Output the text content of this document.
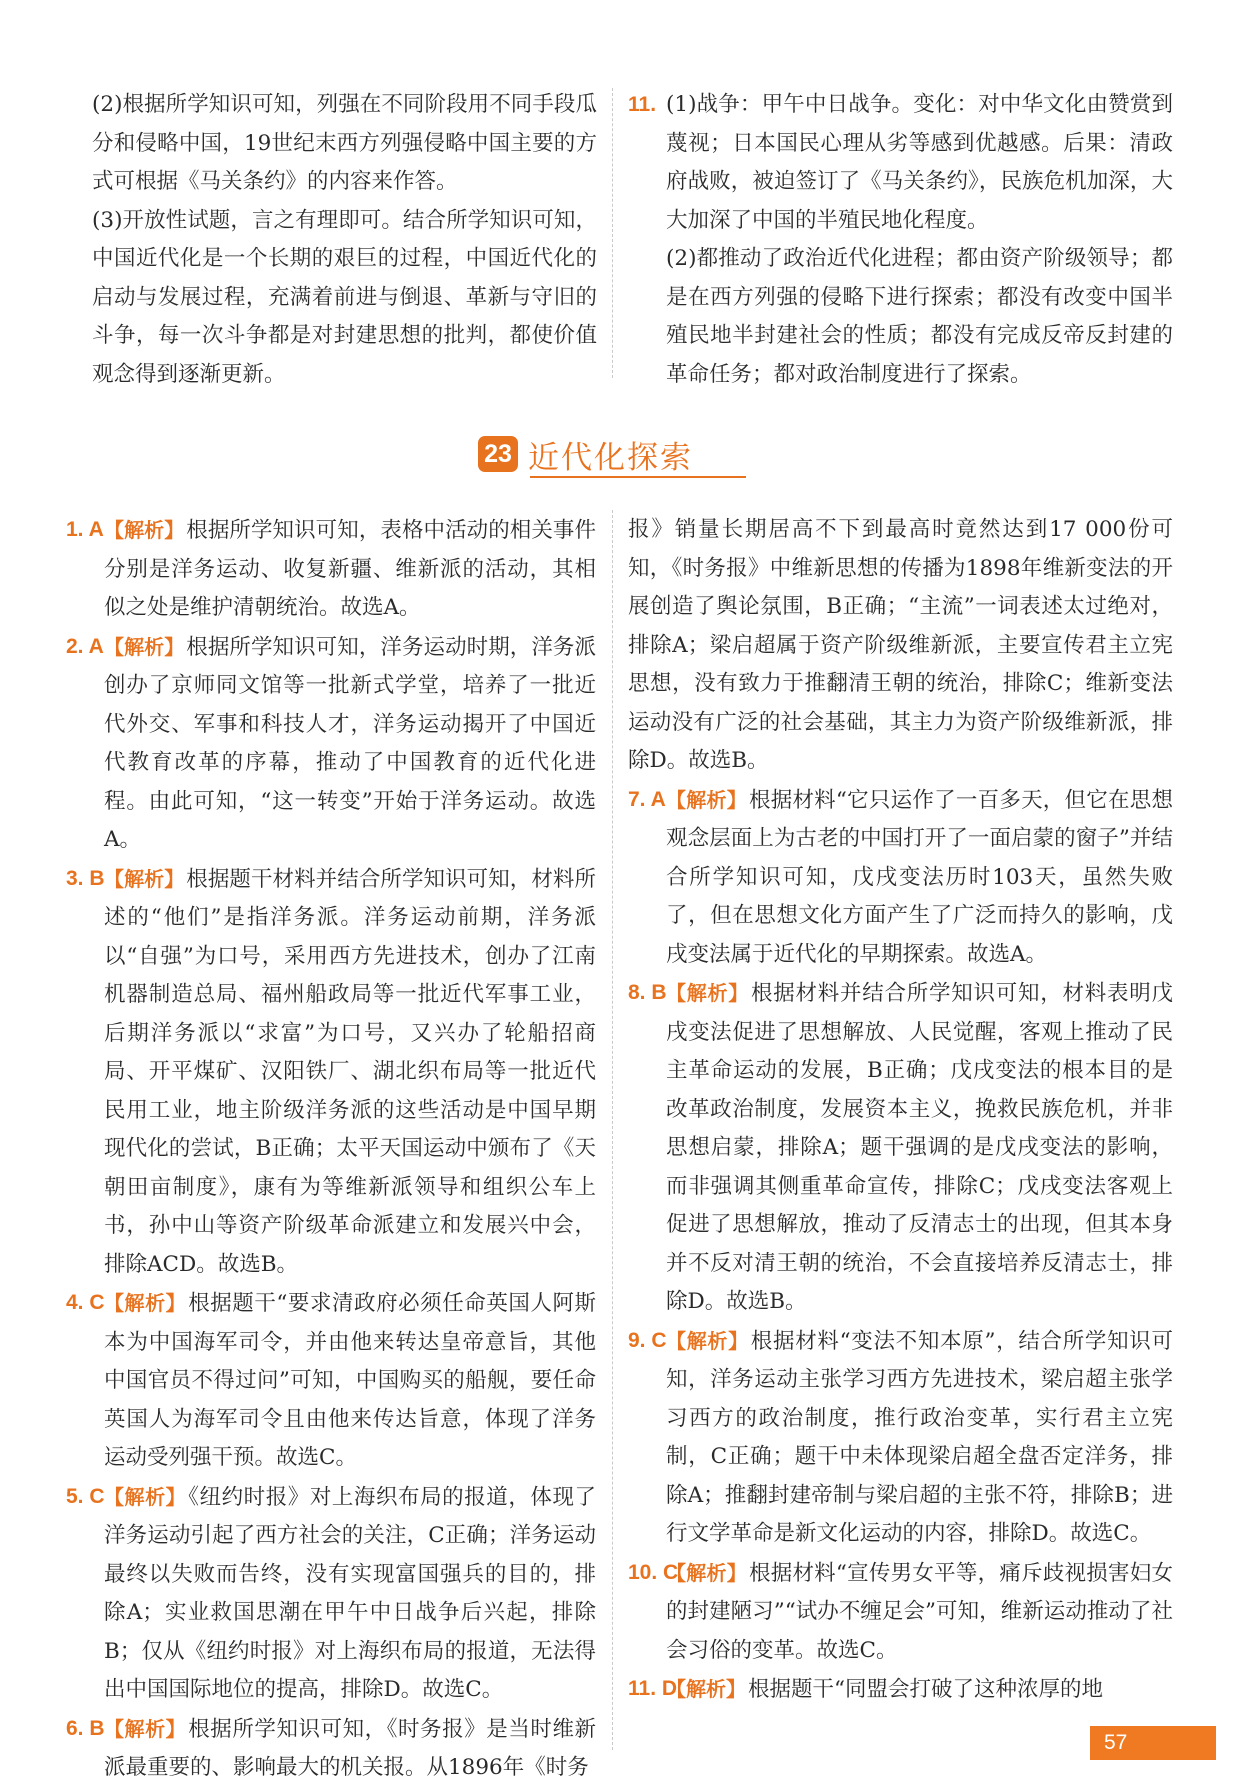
(2)根据所学知识可知，列强在不同阶段用不同手段瓜分和侵略中国，19世纪末西方列强侵略中国主要的方式可根据《马关条约》的内容来作答。

(3)开放性试题，言之有理即可。结合所学知识可知，中国近代化是一个长期的艰巨的过程，中国近代化的启动与发展过程，充满着前进与倒退、革新与守旧的斗争，每一次斗争都是对封建思想的批判，都使价值观念得到逐渐更新。

11. (1)战争：甲午中日战争。变化：对中华文化由赞赏到蔑视；日本国民心理从劣等感到优越感。后果：清政府战败，被迫签订了《马关条约》，民族危机加深，大大加深了中国的半殖民地化程度。

(2)都推动了政治近代化进程；都由资产阶级领导；都是在西方列强的侵略下进行探索；都没有改变中国半殖民地半封建社会的性质；都没有完成反帝反封建的革命任务；都对政治制度进行了探索。

23 近代化探索
1. A 【解析】根据所学知识可知，表格中活动的相关事件分别是洋务运动、收复新疆、维新派的活动，其相似之处是维护清朝统治。故选A。
2. A 【解析】根据所学知识可知，洋务运动时期，洋务派创办了京师同文馆等一批新式学堂，培养了一批近代外交、军事和科技人才，洋务运动揭开了中国近代教育改革的序幕，推动了中国教育的近代化进程。由此可知，“这一转变”开始于洋务运动。故选A。
3. B 【解析】根据题干材料并结合所学知识可知，材料所述的“他们”是指洋务派。洋务运动前期，洋务派以“自强”为口号，采用西方先进技术，创办了江南机器制造总局、福州船政局等一批近代军事工业，后期洋务派以“求富”为口号，又兴办了轮船招商局、开平煤矿、汉阳铁厂、湖北织布局等一批近代民用工业，地主阶级洋务派的这些活动是中国早期现代化的尝试，B正确；太平天国运动中颁布了《天朝田亩制度》，康有为等维新派领导和组织公车上书，孙中山等资产阶级革命派建立和发展兴中会，排除ACD。故选B。
4. C 【解析】根据题干“要求清政府必须任命英国人阿斯本为中国海军司令，并由他来转达皇帝意旨，其他中国官员不得过问”可知，中国购买的船舰，要任命英国人为海军司令且由他来传达旨意，体现了洋务运动受列强干预。故选C。
5. C 【解析】《纽约时报》对上海织布局的报道，体现了洋务运动引起了西方社会的关注，C正确；洋务运动最终以失败而告终，没有实现富国强兵的目的，排除A；实业救国思潮在甲午中日战争后兴起，排除B；仅从《纽约时报》对上海织布局的报道，无法得出中国国际地位的提高，排除D。故选C。
6. B 【解析】根据所学知识可知，《时务报》是当时维新派最重要的、影响最大的机关报。从1896年《时务
报》销量长期居高不下到最高时竟然达到17 000份可知，《时务报》中维新思想的传播为1898年维新变法的开展创造了舆论氛围，B正确；“主流”一词表述太过绝对，排除A；梁启超属于资产阶级维新派，主要宣传君主立宪思想，没有致力于推翻清王朝的统治，排除C；维新变法运动没有广泛的社会基础，其主力为资产阶级维新派，排除D。故选B。
7. A 【解析】根据材料“它只运作了一百多天，但它在思想观念层面上为古老的中国打开了一面启蒙的窗子”并结合所学知识可知，戊戌变法历时103天，虽然失败了，但在思想文化方面产生了广泛而持久的影响，戊戌变法属于近代化的早期探索。故选A。
8. B 【解析】根据材料并结合所学知识可知，材料表明戊戌变法促进了思想解放、人民觉醒，客观上推动了民主革命运动的发展，B正确；戊戌变法的根本目的是改革政治制度，发展资本主义，挽救民族危机，并非思想启蒙，排除A；题干强调的是戊戌变法的影响，而非强调其侧重革命宣传，排除C；戊戌变法客观上促进了思想解放，推动了反清志士的出现，但其本身并不反对清王朝的统治，不会直接培养反清志士，排除D。故选B。
9. C 【解析】根据材料“变法不知本原”，结合所学知识可知，洋务运动主张学习西方先进技术，梁启超主张学习西方的政治制度，推行政治变革，实行君主立宪制，C正确；题干中未体现梁启超全盘否定洋务，排除A；推翻封建帝制与梁启超的主张不符，排除B；进行文学革命是新文化运动的内容，排除D。故选C。
10. C
【解析】根据材料“宣传男女平等，痛斥歧视损害妇女的封建陋习”“试办不缠足会”可知，维新运动推动了社会习俗的变革。故选C。
11. D
【解析】根据题干“同盟会打破了这种浓厚的地
57
